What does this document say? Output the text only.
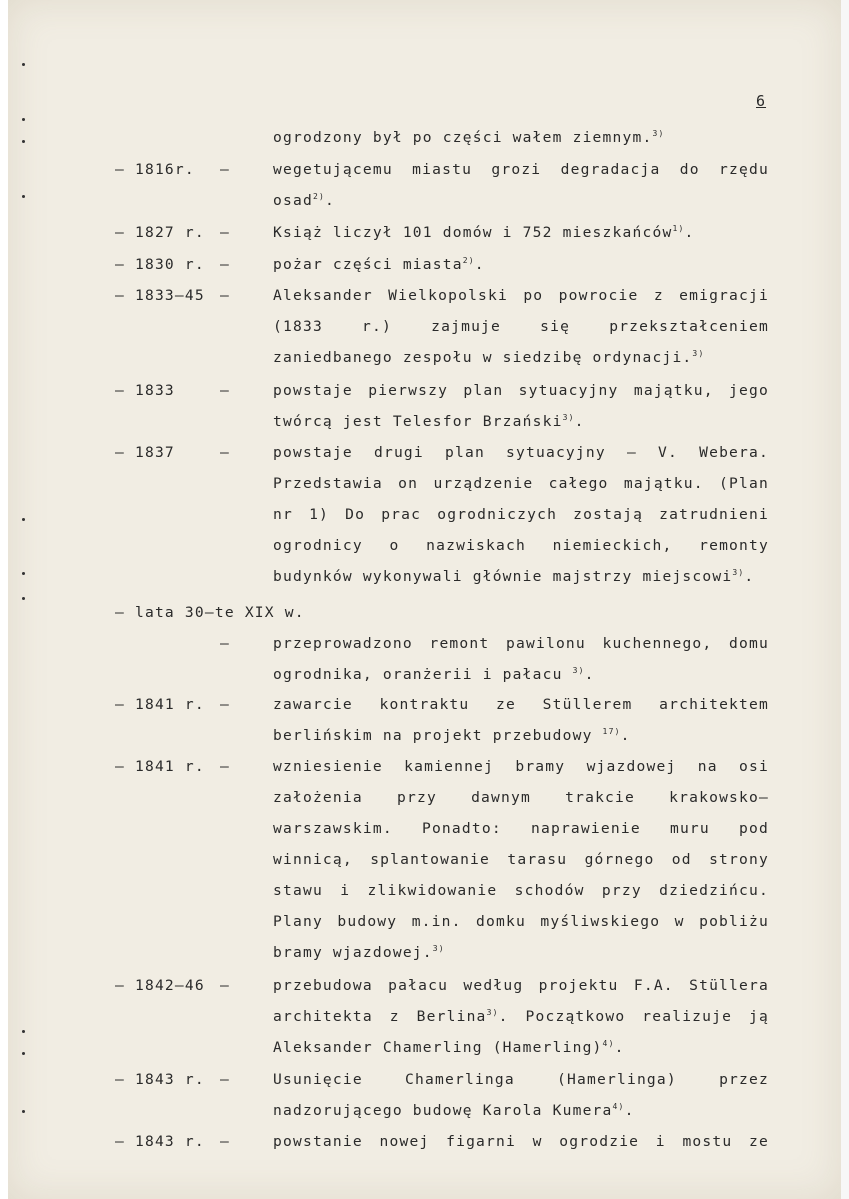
6
ogrodzony był po części wałem ziemnym.$^{3)}$
– 1816r. –	wegetującemu miastu grozi degradacja do rzędu
osad$^{2)}$.
– 1827 r. –	Książ liczył 101 domów i 752 mieszkańców$^{1)}$.
– 1830 r. –	pożar części miasta$^{2)}$.
– 1833–45 –	Aleksander Wielkopolski po powrocie z emigracji
(1833 r.) zajmuje się przekształceniem
zaniedbanego zespołu w siedzibę ordynacji.$^{3)}$
– 1833	–	powstaje pierwszy plan sytuacyjny majątku, jego
twórcą jest Telesfor Brzański$^{3)}$.
– 1837	–	powstaje drugi plan sytuacyjny – V. Webera.
Przedstawia on urządzenie całego majątku. (Plan
nr 1) Do prac ogrodniczych zostają zatrudnieni
ogrodnicy o nazwiskach niemieckich, remonty
budynków wykonywali głównie majstrzy miejscowi$^{3)}$.
– lata 30–te XIX w.
–	przeprowadzono remont pawilonu kuchennego, domu
ogrodnika, oranżerii i pałacu $^{3)}$.
– 1841 r. –	zawarcie kontraktu ze Stüllerem architektem
berlińskim na projekt przebudowy $^{17)}$.
– 1841 r. –	wzniesienie kamiennej bramy wjazdowej na osi
założenia przy dawnym trakcie krakowsko–
warszawskim. Ponadto: naprawienie muru pod
winnicą, splantowanie tarasu górnego od strony
stawu i zlikwidowanie schodów przy dziedzińcu.
Plany budowy m.in. domku myśliwskiego w pobliżu
bramy wjazdowej.$^{3)}$
– 1842–46 –	przebudowa pałacu według projektu F.A. Stüllera
architekta z Berlina$^{3)}$. Początkowo realizuje ją
Aleksander Chamerling (Hamerling)$^{4)}$.
– 1843 r. –	Usunięcie Chamerlinga (Hamerlinga) przez
nadzorującego budowę Karola Kumera$^{4)}$.
– 1843 r. –	powstanie nowej figarni w ogrodzie i mostu ze
